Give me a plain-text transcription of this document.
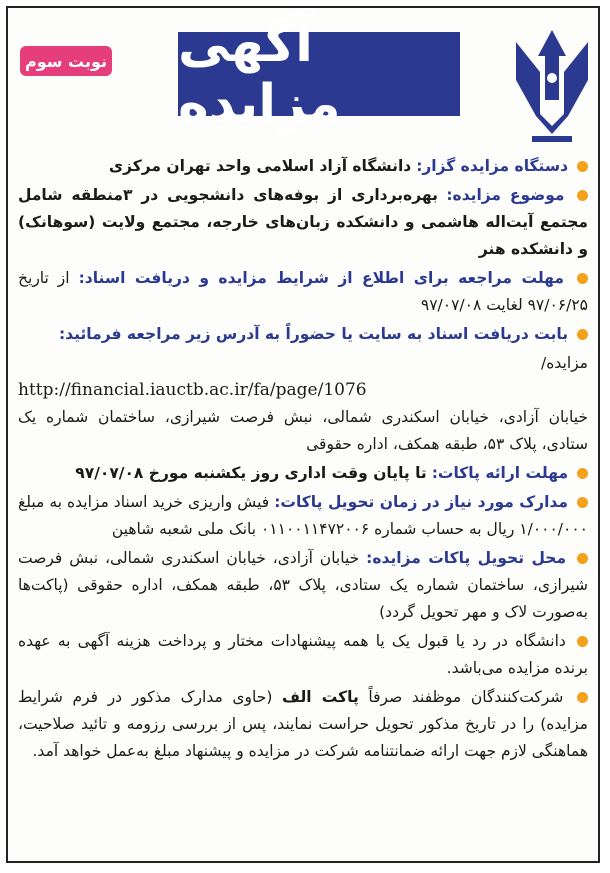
نوبت سوم آگهی مزایده

دستگاه مزایده گزار: دانشگاه آزاد اسلامی واحد تهران مرکزی

موضوع مزایده: بهره‌برداری از بوفه‌های دانشجویی در ۳منطقه شامل مجتمع آیت‌اله هاشمی و دانشکده زبان‌های خارجه، مجتمع ولایت (سوهانک) و دانشکده هنر

مهلت مراجعه برای اطلاع از شرایط مزایده و دریافت اسناد: از تاریخ ۹۷/۰۶/۲۵ لغایت ۹۷/۰۷/۰۸

بابت دریافت اسناد به سایت یا حضوراً به آدرس زیر مراجعه فرمائید:

مزایده/
http://financial.iauctb.ac.ir/fa/page/1076

خیابان آزادی، خیابان اسکندری شمالی، نبش فرصت شیرازی، ساختمان شماره یک ستادی، پلاک ۵۳، طبقه همکف، اداره حقوقی

مهلت ارائه پاکات: تا پایان وقت اداری روز یکشنبه مورخ ۹۷/۰۷/۰۸

مدارک مورد نیاز در زمان تحویل پاکات: فیش واریزی خرید اسناد مزایده به مبلغ ۱/۰۰۰/۰۰۰ ریال به حساب شماره ۰۱۱۰۰۱۱۴۷۲۰۰۶ بانک ملی شعبه شاهین

محل تحویل پاکات مزایده: خیابان آزادی، خیابان اسکندری شمالی، نبش فرصت شیرازی، ساختمان شماره یک ستادی، پلاک ۵۳، طبقه همکف، اداره حقوقی (پاکت‌ها به‌صورت لاک و مهر تحویل گردد)

دانشگاه در رد یا قبول یک یا همه پیشنهادات مختار و پرداخت هزینه آگهی به عهده برنده مزایده می‌باشد.

شرکت‌کنندگان موظفند صرفاً پاکت الف (حاوی مدارک مذکور در فرم شرایط مزایده) را در تاریخ مذکور تحویل حراست نمایند، پس از بررسی رزومه و تائید صلاحیت، هماهنگی لازم جهت ارائه ضمانتنامه شرکت در مزایده و پیشنهاد مبلغ به‌عمل خواهد آمد.
